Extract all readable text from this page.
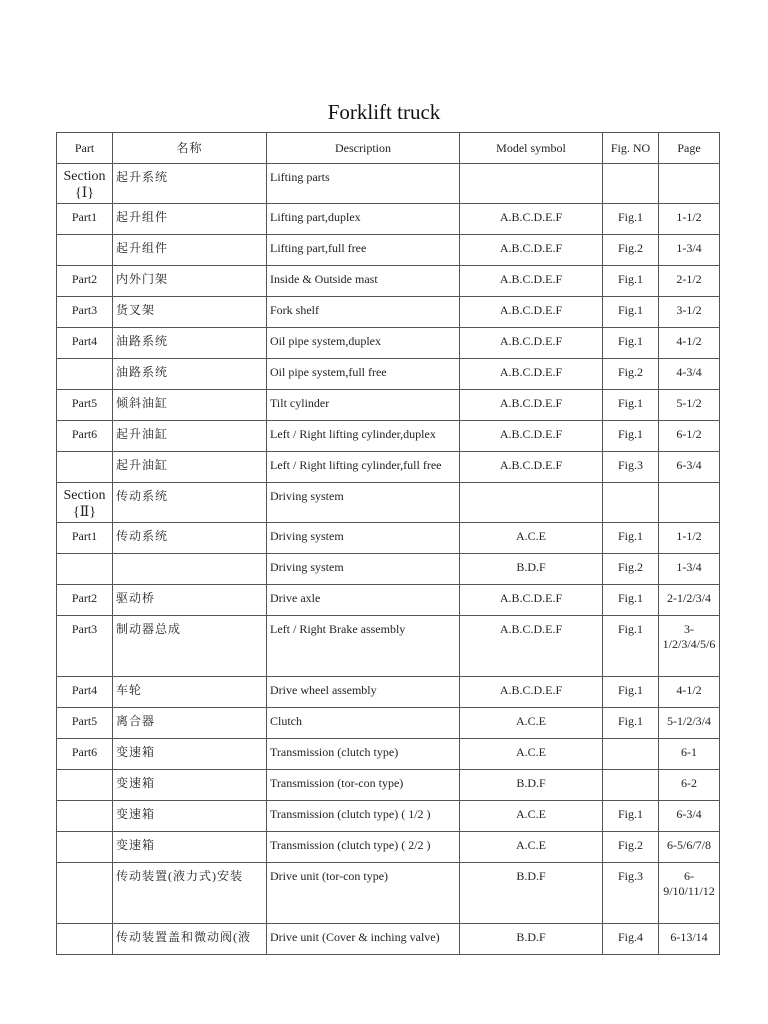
Forklift truck
Part	名称	Description	Model symbol	Fig. NO	Page
Section {Ⅰ}	起升系统	Lifting parts			
Part1	起升组件	Lifting part,duplex	A.B.C.D.E.F	Fig.1	1-1/2
	起升组件	Lifting part,full free	A.B.C.D.E.F	Fig.2	1-3/4
Part2	内外门架	Inside & Outside mast	A.B.C.D.E.F	Fig.1	2-1/2
Part3	货叉架	Fork shelf	A.B.C.D.E.F	Fig.1	3-1/2
Part4	油路系统	Oil pipe system,duplex	A.B.C.D.E.F	Fig.1	4-1/2
	油路系统	Oil pipe system,full free	A.B.C.D.E.F	Fig.2	4-3/4
Part5	倾斜油缸	Tilt cylinder	A.B.C.D.E.F	Fig.1	5-1/2
Part6	起升油缸	Left / Right lifting cylinder,duplex	A.B.C.D.E.F	Fig.1	6-1/2
	起升油缸	Left / Right lifting cylinder,full free	A.B.C.D.E.F	Fig.3	6-3/4
Section {Ⅱ}	传动系统	Driving system			
Part1	传动系统	Driving system	A.C.E	Fig.1	1-1/2
		Driving system	B.D.F	Fig.2	1-3/4
Part2	驱动桥	Drive axle	A.B.C.D.E.F	Fig.1	2-1/2/3/4
Part3	制动器总成	Left / Right Brake assembly	A.B.C.D.E.F	Fig.1	3-1/2/3/4/5/6
Part4	车轮	Drive wheel assembly	A.B.C.D.E.F	Fig.1	4-1/2
Part5	离合器	Clutch	A.C.E	Fig.1	5-1/2/3/4
Part6	变速箱	Transmission (clutch type)	A.C.E		6-1
	变速箱	Transmission (tor-con type)	B.D.F		6-2
	变速箱	Transmission (clutch type) ( 1/2 )	A.C.E	Fig.1	6-3/4
	变速箱	Transmission (clutch type) ( 2/2 )	A.C.E	Fig.2	6-5/6/7/8
	传动装置(液力式)安装	Drive unit (tor-con type)	B.D.F	Fig.3	6-9/10/11/12
	传动装置盖和微动阀(液	Drive unit (Cover & inching valve)	B.D.F	Fig.4	6-13/14
